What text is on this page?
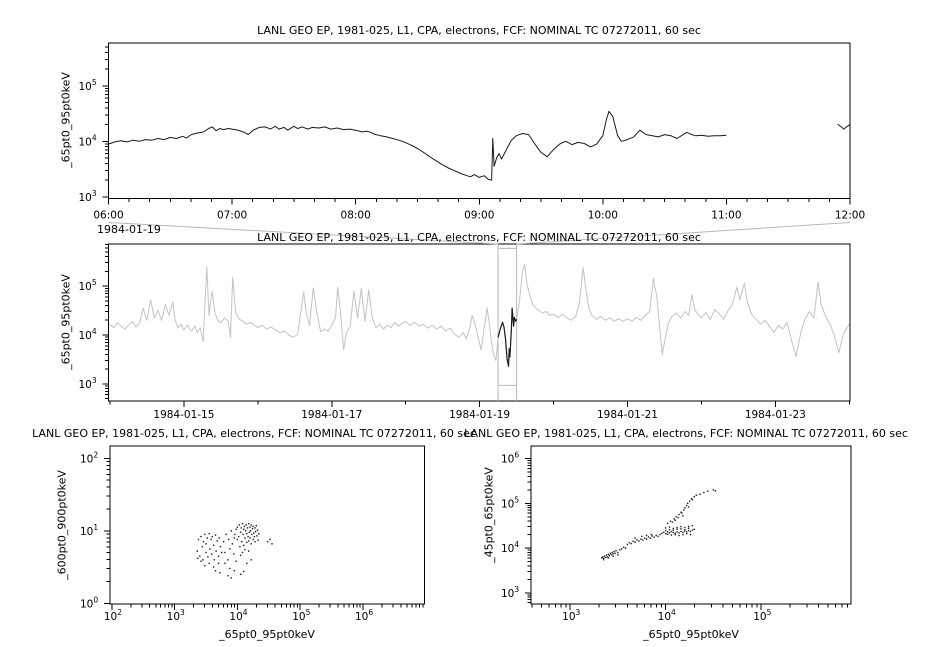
06:00	07:00	08:00	09:00	10:00	11:00	12:00
$10^3$
$10^4$
$10^5$
1984-01-15	1984-01-17	1984-01-19	1984-01-21	1984-01-23
$10^3$
$10^4$
$10^5$
$10^2$	$10^3$	$10^4$	$10^5$	$10^6$
$10^0$
$10^1$
$10^2$
$10^3$	$10^4$	$10^5$
$10^3$
$10^4$
$10^5$
$10^6$
LANL GEO EP, 1981-025, L1, CPA, electrons, FCF: NOMINAL TC 07272011, 60 sec
LANL GEO EP, 1981-025, L1, CPA, electrons, FCF: NOMINAL TC 07272011, 60 sec
LANL GEO EP, 1981-025, L1, CPA, electrons, FCF: NOMINAL TC 07272011, 60 sec
LANL GEO EP, 1981-025, L1, CPA, electrons, FCF: NOMINAL TC 07272011, 60 sec
_65pt0_95pt0keV
_65pt0_95pt0keV
_600pt0_900pt0keV	_45pt0_65pt0keV
1984-01-19
_65pt0_95pt0keV	_65pt0_95pt0keV
